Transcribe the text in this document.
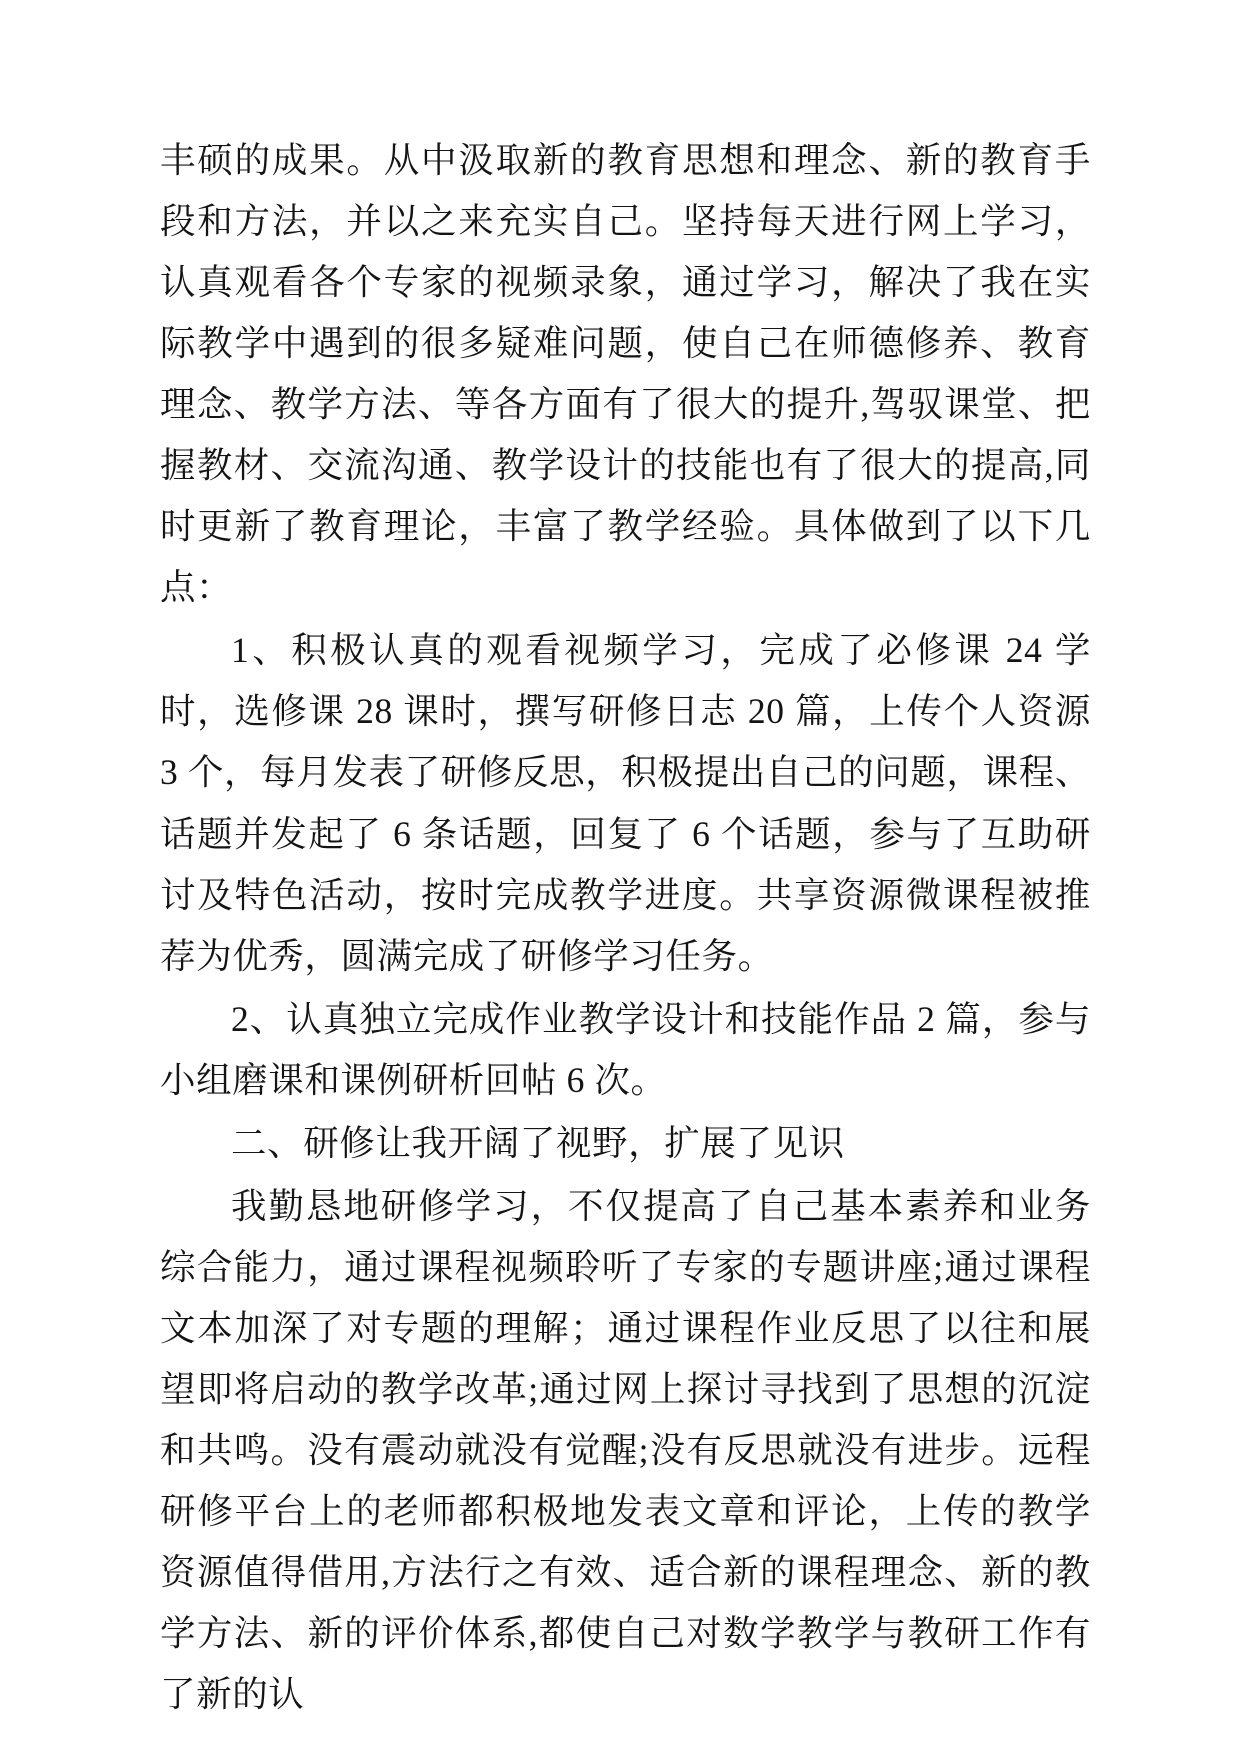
丰硕的成果。从中汲取新的教育思想和理念、新的教育手段和方法，并以之来充实自己。坚持每天进行网上学习，认真观看各个专家的视频录象，通过学习，解决了我在实际教学中遇到的很多疑难问题，使自己在师德修养、教育理念、教学方法、等各方面有了很大的提升,驾驭课堂、把握教材、交流沟通、教学设计的技能也有了很大的提高,同时更新了教育理论，丰富了教学经验。具体做到了以下几点：

1、积极认真的观看视频学习，完成了必修课 24 学时，选修课 28 课时，撰写研修日志 20 篇，上传个人资源 3 个，每月发表了研修反思，积极提出自己的问题，课程、话题并发起了 6 条话题，回复了 6 个话题，参与了互助研讨及特色活动，按时完成教学进度。共享资源微课程被推荐为优秀，圆满完成了研修学习任务。

2、认真独立完成作业教学设计和技能作品 2 篇，参与小组磨课和课例研析回帖 6 次。

二、研修让我开阔了视野，扩展了见识

我勤恳地研修学习，不仅提高了自己基本素养和业务综合能力，通过课程视频聆听了专家的专题讲座;通过课程文本加深了对专题的理解；通过课程作业反思了以往和展望即将启动的教学改革;通过网上探讨寻找到了思想的沉淀和共鸣。没有震动就没有觉醒;没有反思就没有进步。远程研修平台上的老师都积极地发表文章和评论，上传的教学资源值得借用,方法行之有效、适合新的课程理念、新的教学方法、新的评价体系,都使自己对数学教学与教研工作有了新的认
